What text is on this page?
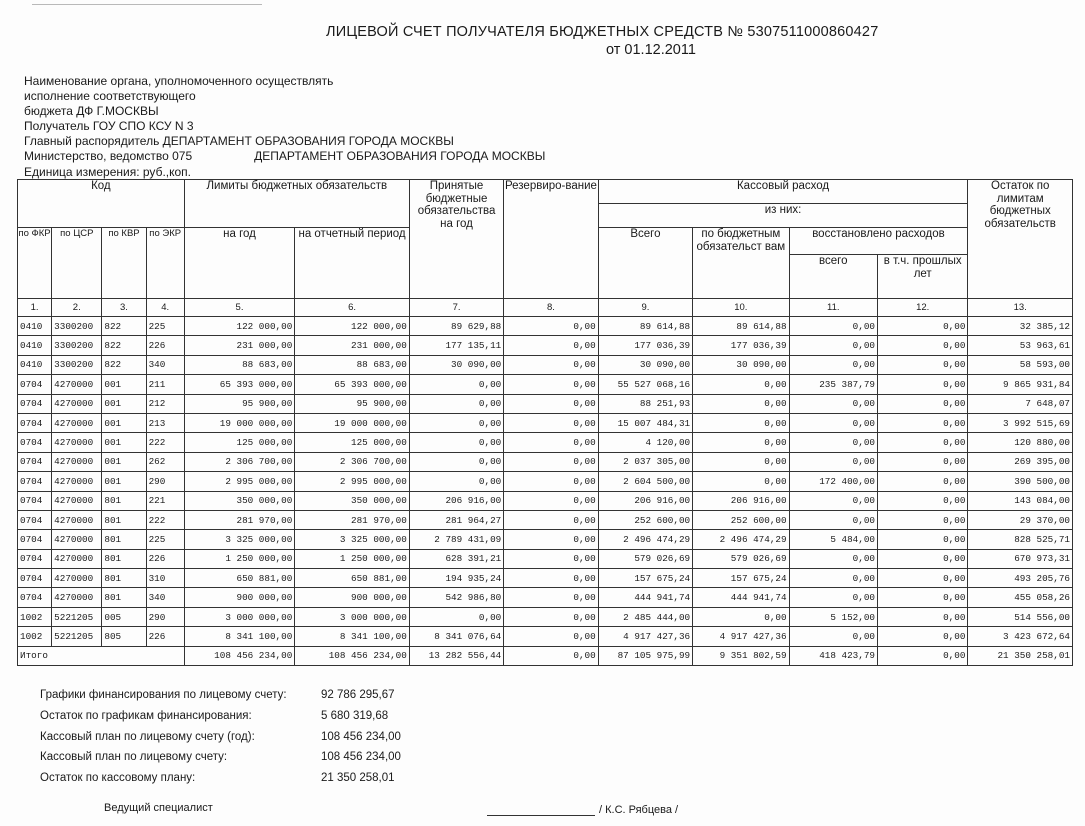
ЛИЦЕВОЙ СЧЕТ ПОЛУЧАТЕЛЯ БЮДЖЕТНЫХ СРЕДСТВ № 5307511000860427
от 01.12.2011
Наименование органа, уполномоченного осуществлять
исполнение соответствующего
бюджета ДФ Г.МОСКВЫ
Получатель ГОУ СПО КСУ N 3
Главный распорядитель ДЕПАРТАМЕНТ ОБРАЗОВАНИЯ ГОРОДА МОСКВЫ
Министерство, ведомство 075	ДЕПАРТАМЕНТ ОБРАЗОВАНИЯ ГОРОДА МОСКВЫ
Единица измерения: руб.,коп.
Код				Лимиты бюджетных обязательств		Принятые бюджетные обязательства на год	Резервиро-вание	Кассовый расход				Остаток по лимитам бюджетных обязательств
								из них:				
по ФКР	по ЦСР	по КВР	по ЭКР	на год	на отчетный период			Всего	по бюджетным обязательст вам	восстановлено расходов		
										всего	в т.ч. прошлых лет	
1.	2.	3.	4.	5.	6.	7.	8.	9.	10.	11.	12.	13.
0410	3300200	822	225	122 000,00	122 000,00	89 629,88	0,00	89 614,88	89 614,88	0,00	0,00	32 385,12
0410	3300200	822	226	231 000,00	231 000,00	177 135,11	0,00	177 036,39	177 036,39	0,00	0,00	53 963,61
0410	3300200	822	340	88 683,00	88 683,00	30 090,00	0,00	30 090,00	30 090,00	0,00	0,00	58 593,00
0704	4270000	001	211	65 393 000,00	65 393 000,00	0,00	0,00	55 527 068,16	0,00	235 387,79	0,00	9 865 931,84
0704	4270000	001	212	95 900,00	95 900,00	0,00	0,00	88 251,93	0,00	0,00	0,00	7 648,07
0704	4270000	001	213	19 000 000,00	19 000 000,00	0,00	0,00	15 007 484,31	0,00	0,00	0,00	3 992 515,69
0704	4270000	001	222	125 000,00	125 000,00	0,00	0,00	4 120,00	0,00	0,00	0,00	120 880,00
0704	4270000	001	262	2 306 700,00	2 306 700,00	0,00	0,00	2 037 305,00	0,00	0,00	0,00	269 395,00
0704	4270000	001	290	2 995 000,00	2 995 000,00	0,00	0,00	2 604 500,00	0,00	172 400,00	0,00	390 500,00
0704	4270000	801	221	350 000,00	350 000,00	206 916,00	0,00	206 916,00	206 916,00	0,00	0,00	143 084,00
0704	4270000	801	222	281 970,00	281 970,00	281 964,27	0,00	252 600,00	252 600,00	0,00	0,00	29 370,00
0704	4270000	801	225	3 325 000,00	3 325 000,00	2 789 431,09	0,00	2 496 474,29	2 496 474,29	5 484,00	0,00	828 525,71
0704	4270000	801	226	1 250 000,00	1 250 000,00	628 391,21	0,00	579 026,69	579 026,69	0,00	0,00	670 973,31
0704	4270000	801	310	650 881,00	650 881,00	194 935,24	0,00	157 675,24	157 675,24	0,00	0,00	493 205,76
0704	4270000	801	340	900 000,00	900 000,00	542 986,80	0,00	444 941,74	444 941,74	0,00	0,00	455 058,26
1002	5221205	005	290	3 000 000,00	3 000 000,00	0,00	0,00	2 485 444,00	0,00	5 152,00	0,00	514 556,00
1002	5221205	805	226	8 341 100,00	8 341 100,00	8 341 076,64	0,00	4 917 427,36	4 917 427,36	0,00	0,00	3 423 672,64
Итого				108 456 234,00	108 456 234,00	13 282 556,44	0,00	87 105 975,99	9 351 802,59	418 423,79	0,00	21 350 258,01
Графики финансирования по лицевому счету:	92 786 295,67
Остаток по графикам финансирования:	5 680 319,68
Кассовый план по лицевому счету (год):	108 456 234,00
Кассовый план по лицевому счету:	108 456 234,00
Остаток по кассовому плану:	21 350 258,01
Ведущий специалист	/ К.С. Рябцева /
